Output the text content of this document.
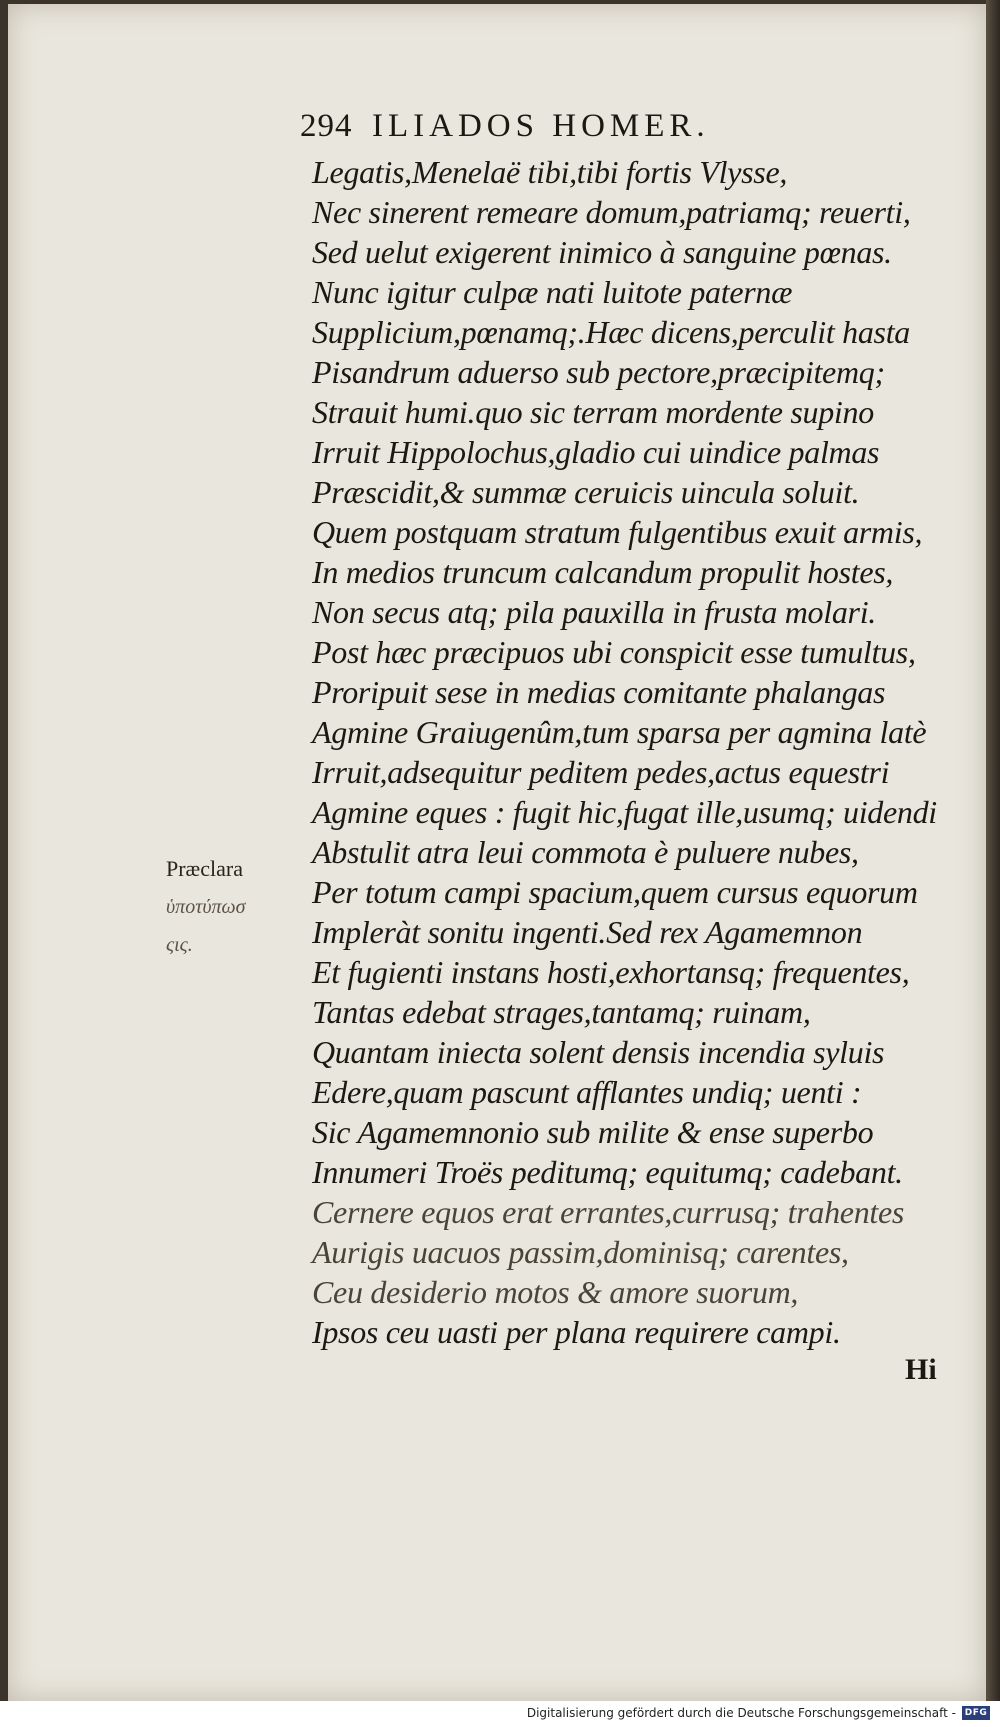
294 ILIADOS HOMER.
Præclara
ὑποτύπωσ
ςις.
Legatis,Menelaë tibi,tibi fortis Vlysse,
Nec sinerent remeare domum,patriamq; reuerti,
Sed uelut exigerent inimico à sanguine pœnas.
Nunc igitur culpæ nati luitote paternæ
Supplicium,pœnamq;.Hæc dicens,perculit hasta
Pisandrum aduerso sub pectore,præcipitemq;
Strauit humi.quo sic terram mordente supino
Irruit Hippolochus,gladio cui uindice palmas
Præscidit,& summæ ceruicis uincula soluit.
Quem postquam stratum fulgentibus exuit armis,
In medios truncum calcandum propulit hostes,
Non secus atq; pila pauxilla in frusta molari.
Post hæc præcipuos ubi conspicit esse tumultus,
Proripuit sese in medias comitante phalangas
Agmine Graiugenûm,tum sparsa per agmina latè
Irruit,adsequitur peditem pedes,actus equestri
Agmine eques : fugit hic,fugat ille,usumq; uidendi
Abstulit atra leui commota è puluere nubes,
Per totum campi spacium,quem cursus equorum
Impleràt sonitu ingenti.Sed rex Agamemnon
Et fugienti instans hosti,exhortansq; frequentes,
Tantas edebat strages,tantamq; ruinam,
Quantam iniecta solent densis incendia syluis
Edere,quam pascunt afflantes undiq; uenti :
Sic Agamemnonio sub milite & ense superbo
Innumeri Troës peditumq; equitumq; cadebant.
Cernere equos erat errantes,currusq; trahentes
Aurigis uacuos passim,dominisq; carentes,
Ceu desiderio motos & amore suorum,
Ipsos ceu uasti per plana requirere campi.
Hi
Digitalisierung gefördert durch die Deutsche Forschungsgemeinschaft - DFG
